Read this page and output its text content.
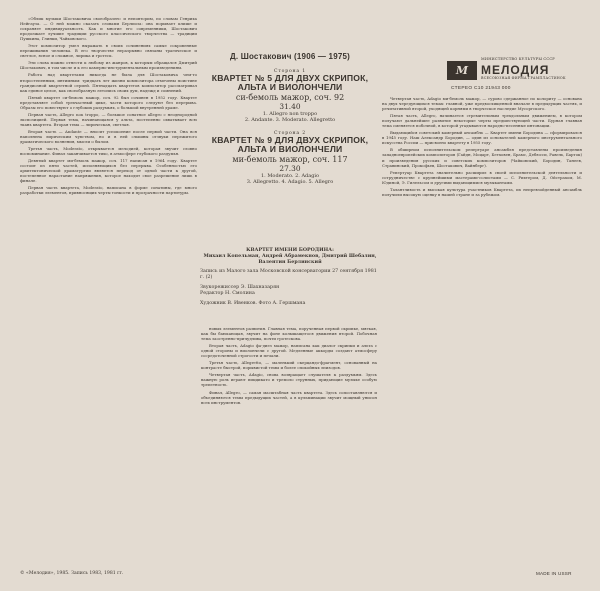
«Облик музыки Шостаковича своеобразен» и неповторим, по словам Генриха Нейгауза. — О ней можно сказать словами Берлиоза: она порывает клише и сохраняет индивидуальность. Как и многие его современники, Шостакович продолжает лучшие традиции русского классического творчества — традиции Пушкина, Глинки, Чайковского.

Этот композитор умел выражать в своих сочинениях самые сокровенные переживания человека. В его творчестве неразрывно связаны трагическое и светлое, ясное и сложное, лирика и гротеск.

Эти слова можно отнести к любому из жанров, к которым обращался Дмитрий Шостакович, в том числе и к его камерно-инструментальным произведениям.

Работа над квартетами никогда не была для Шостаковича чем-то второстепенным, интимным: тридцать лет жизни композитора отмечены поистине грандиозной квартетной серией. Пятнадцать квартетов композитор рассматривал как единое целое, как своеобразную летопись своих дум, надежд и сомнений.

Пятый квартет си-бемоль мажор, соч. 92 был сочинен в 1952 году. Квартет представляет собой трехчастный цикл, части которого следуют без перерыва. Образы его повествуют о глубоких раздумьях, о большой внутренней драме.

Первая часть, Allegro non troppo, — большое сонатное allegro с неоднородной экспозицией. Первая тема, начинающаяся у альта, постепенно охватывает всю ткань квартета. Вторая тема — лирическая, светлая.

Вторая часть — Andante — вносит успокоение после первой части. Она вся наполнена лирическим чувством, но и в ней слышны отзвуки пережитого драматического волнения, мысли о былом.

Третья часть, Moderato, открывается мелодией, которая звучит словно воспоминание. Финал заканчивается тихо, в атмосфере глубокого раздумья.

Девятый квартет ми-бемоль мажор, соч. 117 написан в 1964 году. Квартет состоит из пяти частей, исполняющихся без перерыва. Особенностью его архитектонической драматургии является переход от одной части к другой, постепенное нарастание напряжения, которое находит свое разрешение лишь в финале.

Первая часть квартета, Moderato, написана в форме сонатины, где много разработки элементов, привносящих черты тонкости и прозрачности партитуры.

Д. Шостакович (1906 — 1975)
Сторона 1
КВАРТЕТ № 5 ДЛЯ ДВУХ СКРИПОК, АЛЬТА И ВИОЛОНЧЕЛИ
си-бемоль мажор, соч. 92
31.40
1. Allegro non troppo
2. Andante. 3. Moderato. Allegretto
Сторона 2
КВАРТЕТ № 9 ДЛЯ ДВУХ СКРИПОК, АЛЬТА И ВИОЛОНЧЕЛИ
ми-бемоль мажор, соч. 117
27.30
1. Moderato. 2. Adagio
3. Allegretto. 4. Adagio. 5. Allegro
КВАРТЕТ ИМЕНИ БОРОДИНА:
Михаил Копельман, Андрей Абрамекнов, Дмитрий Шебалин, Валентин Берлинский
Запись из Малого зала Московской консерватории 27 сентября 1981 г. (2)
Звукорежиссер Э. Шахназарян
Редактор Н. Смолина
Художник В. Ивенков. Фото А. Гершмана

новых элементов развития. Главная тема, порученная первой скрипке, мягкая, как бы баюкающая, звучит на фоне колышащегося движения второй. Побочная тема заостренно-причудлива, почти гротескова.

Вторая часть, Adagio фа-диез мажор, написана как диалог скрипки и альта с одной стороны и виолончели с другой. Медленные аккорды создают атмосферу сосредоточенной строгости и печали.

Третья часть, Allegretto, — маленький скерцандо-фрагмент, основанный на контрасте быстрой, порывистой темы и более спокойных эпизодов.

Четвертая часть, Adagio, снова возвращает слушателя к раздумьям. Здесь важную роль играют пиццикато и тремоло струнных, придающие музыке особую трепетность.

Финал, Allegro, — самая масштабная часть квартета. Здесь сопоставляются и объединяются темы предыдущих частей, а в кульминации звучит мощный унисон всех инструментов.

М
МИНИСТЕРСТВО КУЛЬТУРЫ СССР
МЕЛОДИЯ
ВСЕСОЮЗНАЯ ФИРМА ГРАМПЛАСТИНОК
СТЕРЕО С10 21943 000

Четвертая часть, Adagio ми-бемоль мажор, — сурово сдержанное по колориту — основана на двух чередующихся темах: главной, уже предвосхищенной вначале в предыдущих частях, и речитативной второй, уходящей корнями в творческое наследие Мусоргского.

Пятая часть, Allegro, начинается стремительным трехдольным движением, в котором получают дальнейшее развитие некоторые черты предшествующей части. Бурная главная тема сменяется побочной, в которой угадываются народно-песенные интонации.

Выдающийся советский камерный ансамбль — Квартет имени Бородина — сформировался в 1945 году. Наш Александр Бородин, — один из основателей камерного инструментального искусства России — присвоено квартету в 1955 году.

В обширном исполнительском репертуаре ансамбля представлены произведения западноевропейских композиторов (Гайдн, Моцарт, Бетховен, Брамс, Дебюсси, Равель, Барток) и произведения русских и советских композиторов (Чайковский, Бородин, Танеев, Стравинский, Прокофьев, Шостакович, Вайнберг).

Репертуар Квартета значительно расширил в своей исполнительской деятельности и сотрудничестве с крупнейшими мастерами-солистами — С. Рихтером, Д. Ойстрахом, М. Юдиной, Э. Гилельсом и другими выдающимися музыкантами.

Талантливость и высокая культура участников Квартета, их непревзойденный ансамбль получили высокую оценку в нашей стране и за рубежом.

© «Мелодия», 1985. Запись 1983, 1981 гг.	MADE IN USSR
